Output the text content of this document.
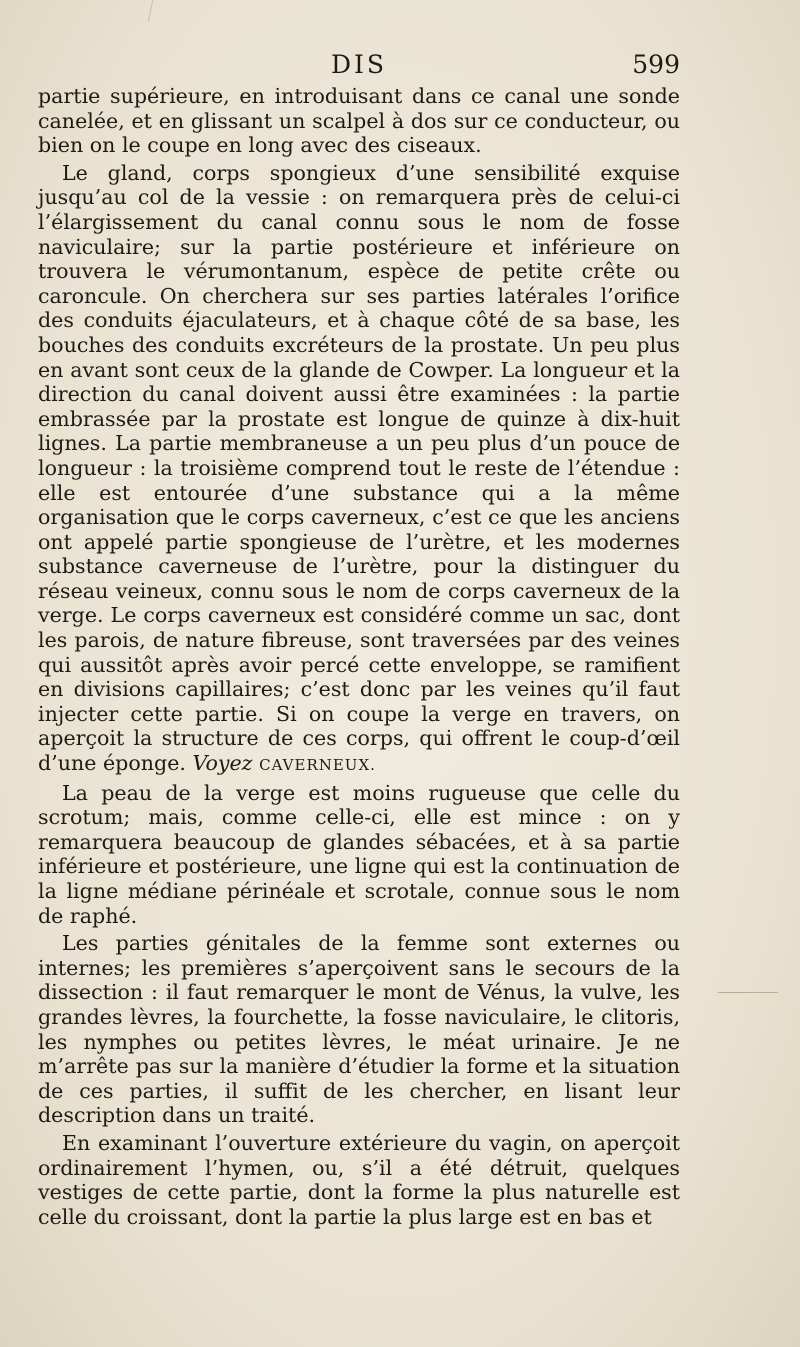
DIS	599

partie supérieure, en introduisant dans ce canal une sonde canelée, et en glissant un scalpel à dos sur ce conducteur, ou bien on le coupe en long avec des ciseaux.

Le gland, corps spongieux d’une sensibilité exquise jusqu’au col de la vessie : on remarquera près de celui-ci l’élargissement du canal connu sous le nom de fosse naviculaire; sur la partie postérieure et inférieure on trouvera le vérumontanum, espèce de petite crête ou caroncule. On cherchera sur ses parties latérales l’orifice des conduits éjaculateurs, et à chaque côté de sa base, les bouches des conduits excréteurs de la prostate. Un peu plus en avant sont ceux de la glande de Cowper. La longueur et la direction du canal doivent aussi être examinées : la partie embrassée par la prostate est longue de quinze à dix-huit lignes. La partie membraneuse a un peu plus d’un pouce de longueur : la troisième comprend tout le reste de l’étendue : elle est entourée d’une substance qui a la même organisation que le corps caverneux, c’est ce que les anciens ont appelé partie spongieuse de l’urètre, et les modernes substance caverneuse de l’urètre, pour la distinguer du réseau veineux, connu sous le nom de corps caverneux de la verge. Le corps caverneux est considéré comme un sac, dont les parois, de nature fibreuse, sont traversées par des veines qui aussitôt après avoir percé cette enveloppe, se ramifient en divisions capillaires; c’est donc par les veines qu’il faut injecter cette partie. Si on coupe la verge en travers, on aperçoit la structure de ces corps, qui offrent le coup-d’œil d’une éponge. Voyez CAVERNEUX.

La peau de la verge est moins rugueuse que celle du scrotum; mais, comme celle-ci, elle est mince : on y remarquera beaucoup de glandes sébacées, et à sa partie inférieure et postérieure, une ligne qui est la continuation de la ligne médiane périnéale et scrotale, connue sous le nom de raphé.

Les parties génitales de la femme sont externes ou internes; les premières s’aperçoivent sans le secours de la dissection : il faut remarquer le mont de Vénus, la vulve, les grandes lèvres, la fourchette, la fosse naviculaire, le clitoris, les nymphes ou petites lèvres, le méat urinaire. Je ne m’arrête pas sur la manière d’étudier la forme et la situation de ces parties, il suffit de les chercher, en lisant leur description dans un traité.

En examinant l’ouverture extérieure du vagin, on aperçoit ordinairement l’hymen, ou, s’il a été détruit, quelques vestiges de cette partie, dont la forme la plus naturelle est celle du croissant, dont la partie la plus large est en bas et
